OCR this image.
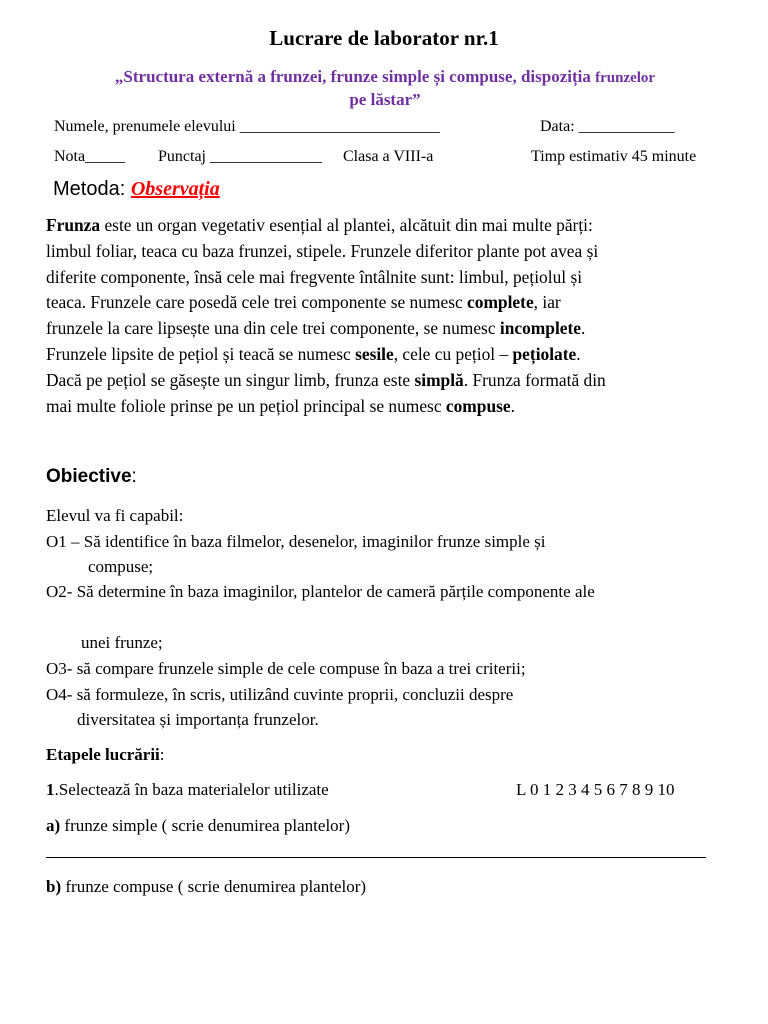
Lucrare de laborator nr.1
„Structura externă a frunzei, frunze simple și compuse, dispoziția frunzelor
pe lăstar”
Numele, prenumele elevului _________________________	Data: ____________
Nota_____ Punctaj ______________ Clasa a VIII-a	Timp estimativ 45 minute
Metoda: Observația
Frunza este un organ vegetativ esențial al plantei, alcătuit din mai multe părți:
limbul foliar, teaca cu baza frunzei, stipele. Frunzele diferitor plante pot avea și
diferite componente, însă cele mai fregvente întâlnite sunt: limbul, pețiolul și
teaca. Frunzele care posedă cele trei componente se numesc complete, iar
frunzele la care lipsește una din cele trei componente, se numesc incomplete.
Frunzele lipsite de pețiol și teacă se numesc sesile, cele cu pețiol – pețiolate.
Dacă pe pețiol se găsește un singur limb, frunza este simplă. Frunza formată din
mai multe foliole prinse pe un pețiol principal se numesc compuse.
Obiective:
Elevul va fi capabil:
O1 – Să identifice în baza filmelor, desenelor, imaginilor frunze simple și
compuse;
O2- Să determine în baza imaginilor, plantelor de cameră părțile componente ale
unei frunze;
O3- să compare frunzele simple de cele compuse în baza a trei criterii;
O4- să formuleze, în scris, utilizând cuvinte proprii, concluzii despre
diversitatea și importanța frunzelor.
Etapele lucrării:
1.Selectează în baza materialelor utilizate	L 0 1 2 3 4 5 6 7 8 9 10
a) frunze simple ( scrie denumirea plantelor)
b) frunze compuse ( scrie denumirea plantelor)
